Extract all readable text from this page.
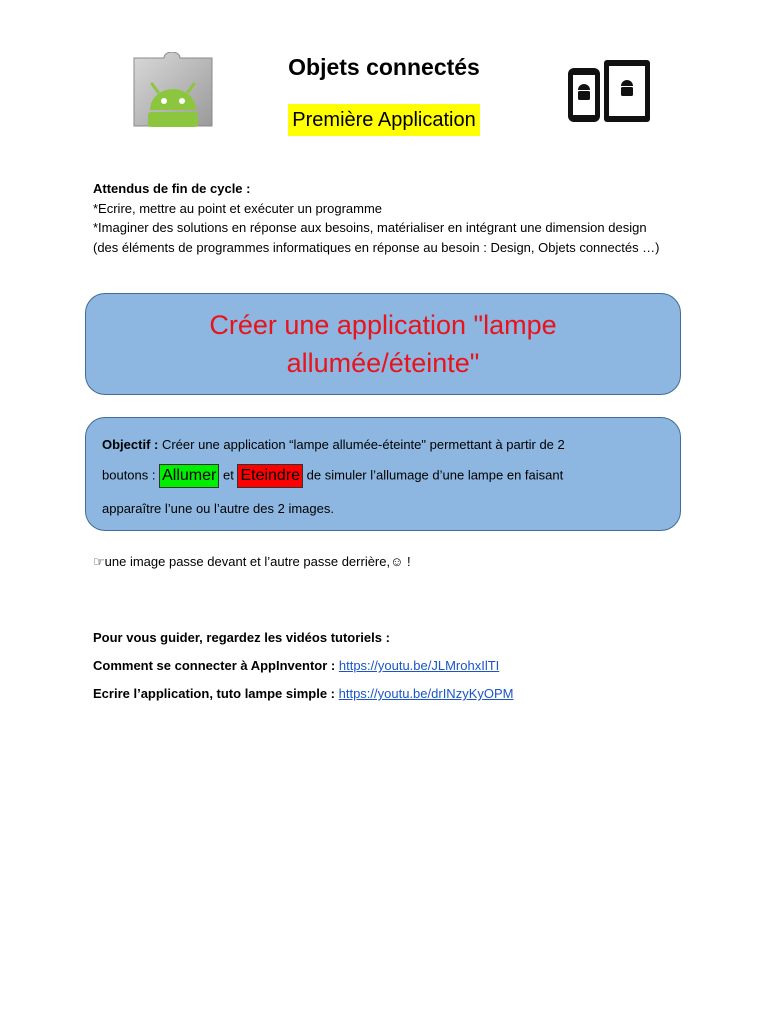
Objets connectés
Première Application
Attendus de fin de cycle :
*Ecrire, mettre au point et exécuter un programme
*Imaginer des solutions en réponse aux besoins, matérialiser en intégrant une dimension design
(des éléments de programmes informatiques en réponse au besoin : Design, Objets connectés …)
Créer une application "lampe allumée/éteinte"
Objectif : Créer une application “lampe allumée-éteinte" permettant à partir de 2
boutons : Allumer et Eteindre de simuler l’allumage d’une lampe en faisant
apparaître l’une ou l’autre des 2 images.
☞une image passe devant et l’autre passe derrière,☺ !
Pour vous guider, regardez les vidéos tutoriels :
Comment se connecter à AppInventor : https://youtu.be/JLMrohxIlTI
Ecrire l’application, tuto lampe simple : https://youtu.be/drINzyKyOPM
